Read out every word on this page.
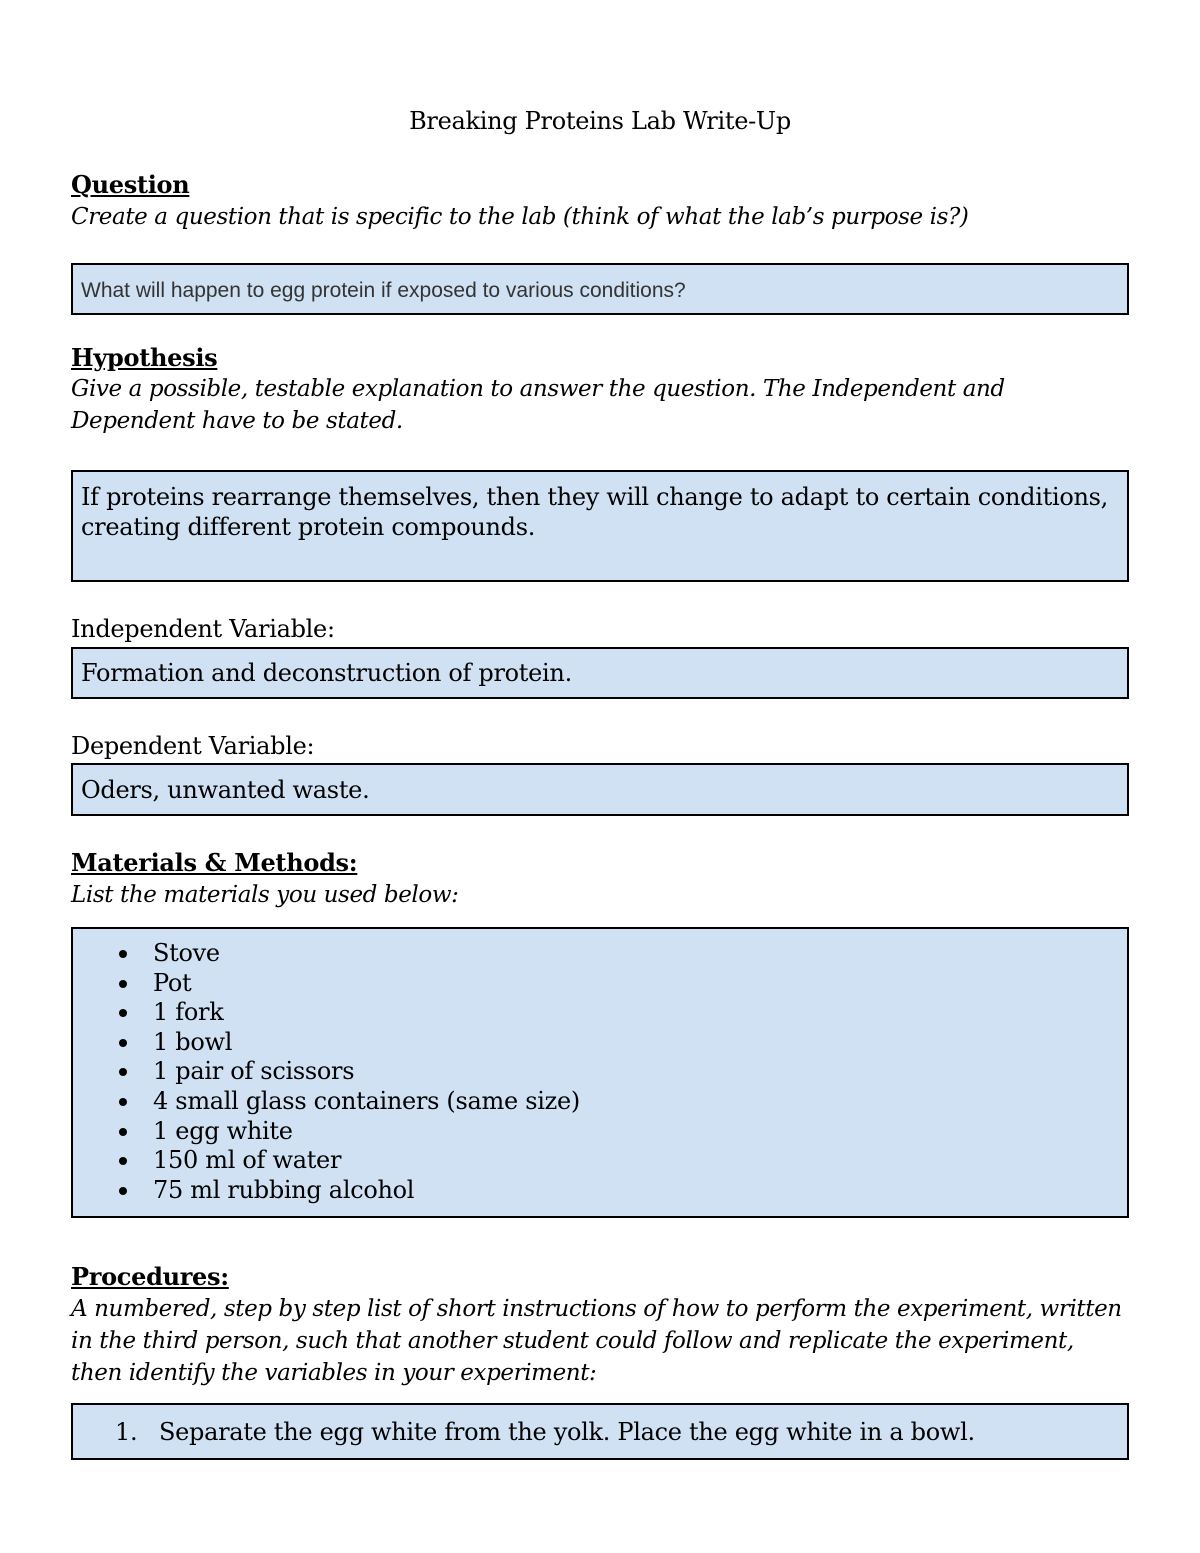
Breaking Proteins Lab Write-Up
Question
Create a question that is specific to the lab (think of what the lab’s purpose is?)
What will happen to egg protein if exposed to various conditions?
Hypothesis
Give a possible, testable explanation to answer the question. The Independent and Dependent have to be stated.
If proteins rearrange themselves, then they will change to adapt to certain conditions, creating different protein compounds.
Independent Variable:
Formation and deconstruction of protein.
Dependent Variable:
Oders, unwanted waste.
Materials & Methods:
List the materials you used below:
Stove
Pot
1 fork
1 bowl
1 pair of scissors
4 small glass containers (same size)
1 egg white
150 ml of water
75 ml rubbing alcohol
Procedures:
A numbered, step by step list of short instructions of how to perform the experiment, written in the third person, such that another student could follow and replicate the experiment, then identify the variables in your experiment:
1. Separate the egg white from the yolk. Place the egg white in a bowl.
